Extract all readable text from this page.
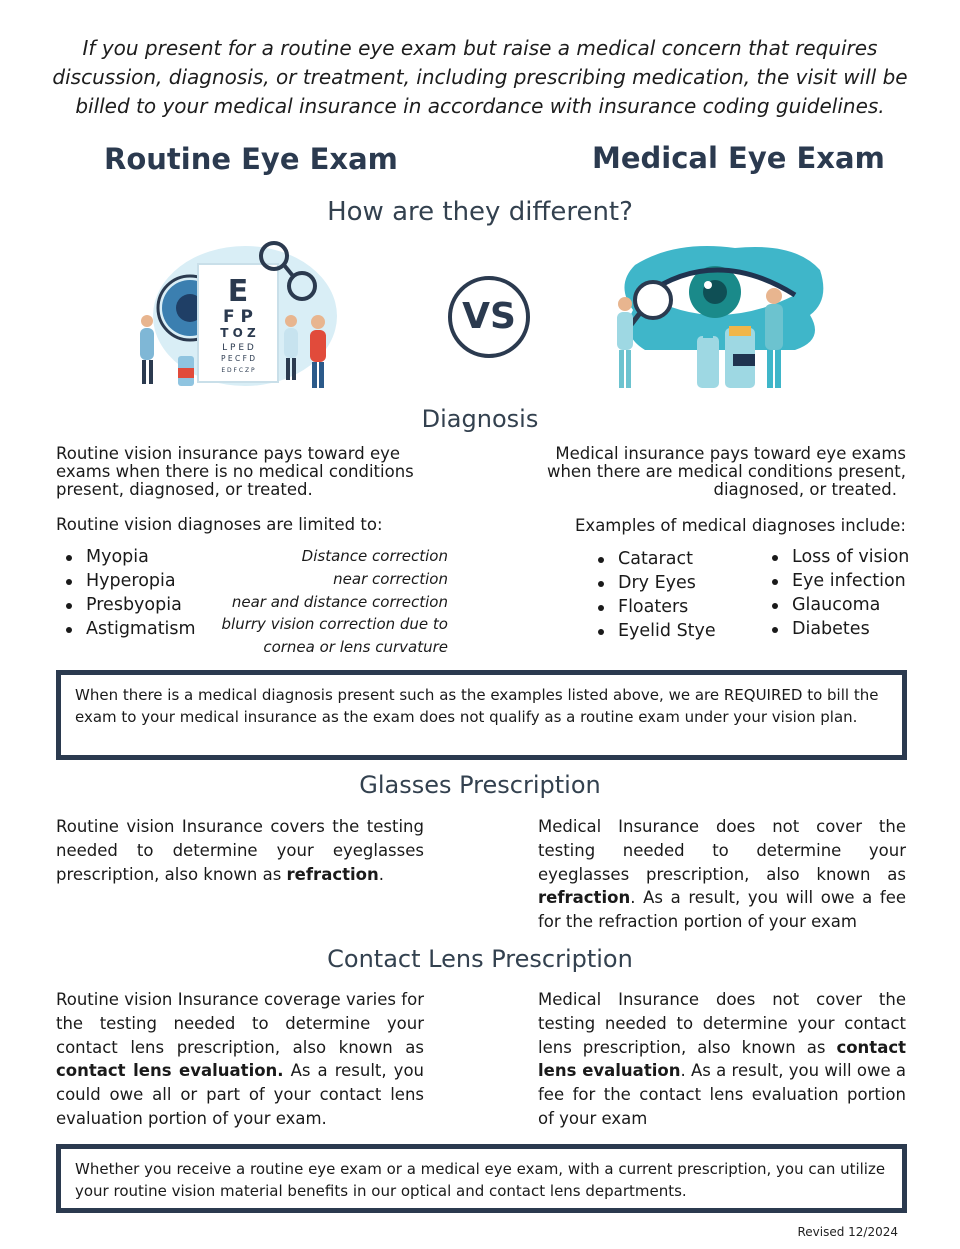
If you present for a routine eye exam but raise a medical concern that requires discussion, diagnosis, or treatment, including prescribing medication, the visit will be billed to your medical insurance in accordance with insurance coding guidelines.
Routine Eye Exam	Medical Eye Exam
How are they different?
E
F P
T O Z
L P E D
P E C F D
E D F C Z P
VS
Diagnosis
Routine vision insurance pays toward eye
exams when there is no medical conditions
present, diagnosed, or treated.
Medical insurance pays toward eye exams
when there are medical conditions present,
diagnosed, or treated.
Routine vision diagnoses are limited to:	Examples of medical diagnoses include:
Myopia
Hyperopia
Presbyopia
Astigmatism
Distance correction
near correction
near and distance correction
blurry vision correction due to
cornea or lens curvature
Cataract
Dry Eyes
Floaters
Eyelid Stye
Loss of vision
Eye infection
Glaucoma
Diabetes
When there is a medical diagnosis present such as the examples listed above, we are REQUIRED to bill the exam to your medical insurance as the exam does not qualify as a routine exam under your vision plan.
Glasses Prescription
Routine vision Insurance covers the testing needed to determine your eyeglasses prescription, also known as refraction.
Medical Insurance does not cover the testing needed to determine your eyeglasses prescription, also known as refraction. As a result, you will owe a fee for the refraction portion of your exam
Contact Lens Prescription
Routine vision Insurance coverage varies for the testing needed to determine your contact lens prescription, also known as contact lens evaluation. As a result, you could owe all or part of your contact lens evaluation portion of your exam.
Medical Insurance does not cover the testing needed to determine your contact lens prescription, also known as contact lens evaluation. As a result, you will owe a fee for the contact lens evaluation portion of your exam
Whether you receive a routine eye exam or a medical eye exam, with a current prescription, you can utilize your routine vision material benefits in our optical and contact lens departments.
Revised 12/2024
